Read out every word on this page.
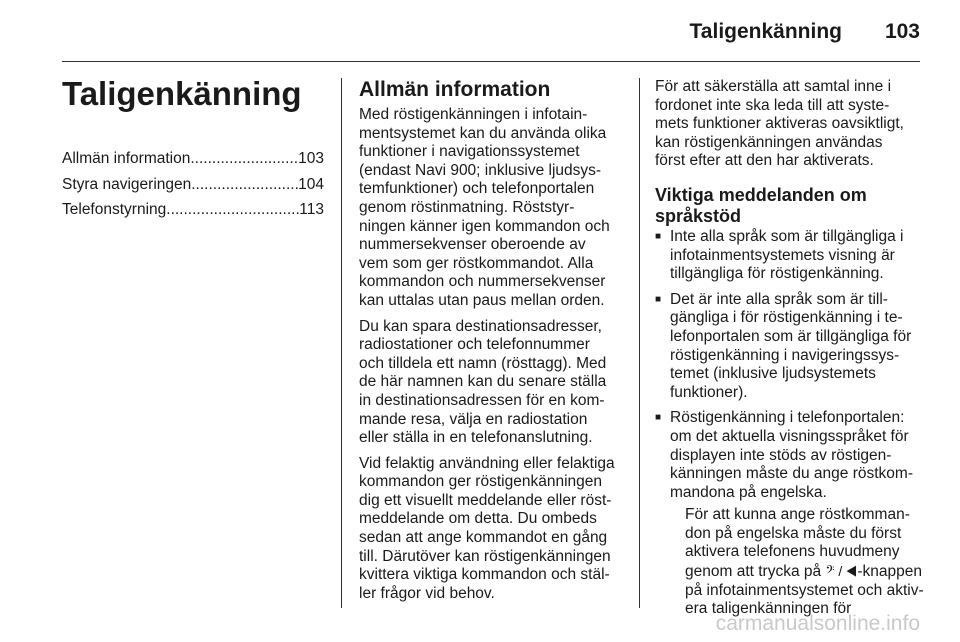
Taligenkänning 103
Taligenkänning
Allmän information .....	103
Styra navigeringen .....	104
Telefonstyrning .....	113
Allmän information

Med röstigenkänningen i infotain-
mentsystemet kan du använda olika
funktioner i navigationssystemet
(endast Navi 900; inklusive ljudsys-
temfunktioner) och telefonportalen
genom röstinmatning. Röststyr-
ningen känner igen kommandon och
nummersekvenser oberoende av
vem som ger röstkommandot. Alla
kommandon och nummersekvenser
kan uttalas utan paus mellan orden.

Du kan spara destinationsadresser,
radiostationer och telefonnummer
och tilldela ett namn (rösttagg). Med
de här namnen kan du senare ställa
in destinationsadressen för en kom-
mande resa, välja en radiostation
eller ställa in en telefonanslutning.

Vid felaktig användning eller felaktiga
kommandon ger röstigenkänningen
dig ett visuellt meddelande eller röst-
meddelande om detta. Du ombeds
sedan att ange kommandot en gång
till. Därutöver kan röstigenkänningen
kvittera viktiga kommandon och stäl-
ler frågor vid behov.

För att säkerställa att samtal inne i
fordonet inte ska leda till att syste-
mets funktioner aktiveras oavsiktligt,
kan röstigenkänningen användas
först efter att den har aktiverats.

Viktiga meddelanden om
språkstöd
■ Inte alla språk som är tillgängliga i
infotainmentsystemets visning är
tillgängliga för röstigenkänning.
■ Det är inte alla språk som är till-
gängliga i för röstigenkänning i te-
lefonportalen som är tillgängliga för
röstigenkänning i navigeringssys-
temet (inklusive ljudsystemets
funktioner).
■ Röstigenkänning i telefonportalen:
om det aktuella visningsspråket för
displayen inte stöds av röstigen-
känningen måste du ange röstkom-
mandona på engelska.
För att kunna ange röstkomman-
don på engelska måste du först
aktivera telefonens huvudmeny
genom att trycka på 𝄢 / ◀-knappen
på infotainmentsystemet och aktiv-
era taligenkänningen för
carmanualsonline.info
